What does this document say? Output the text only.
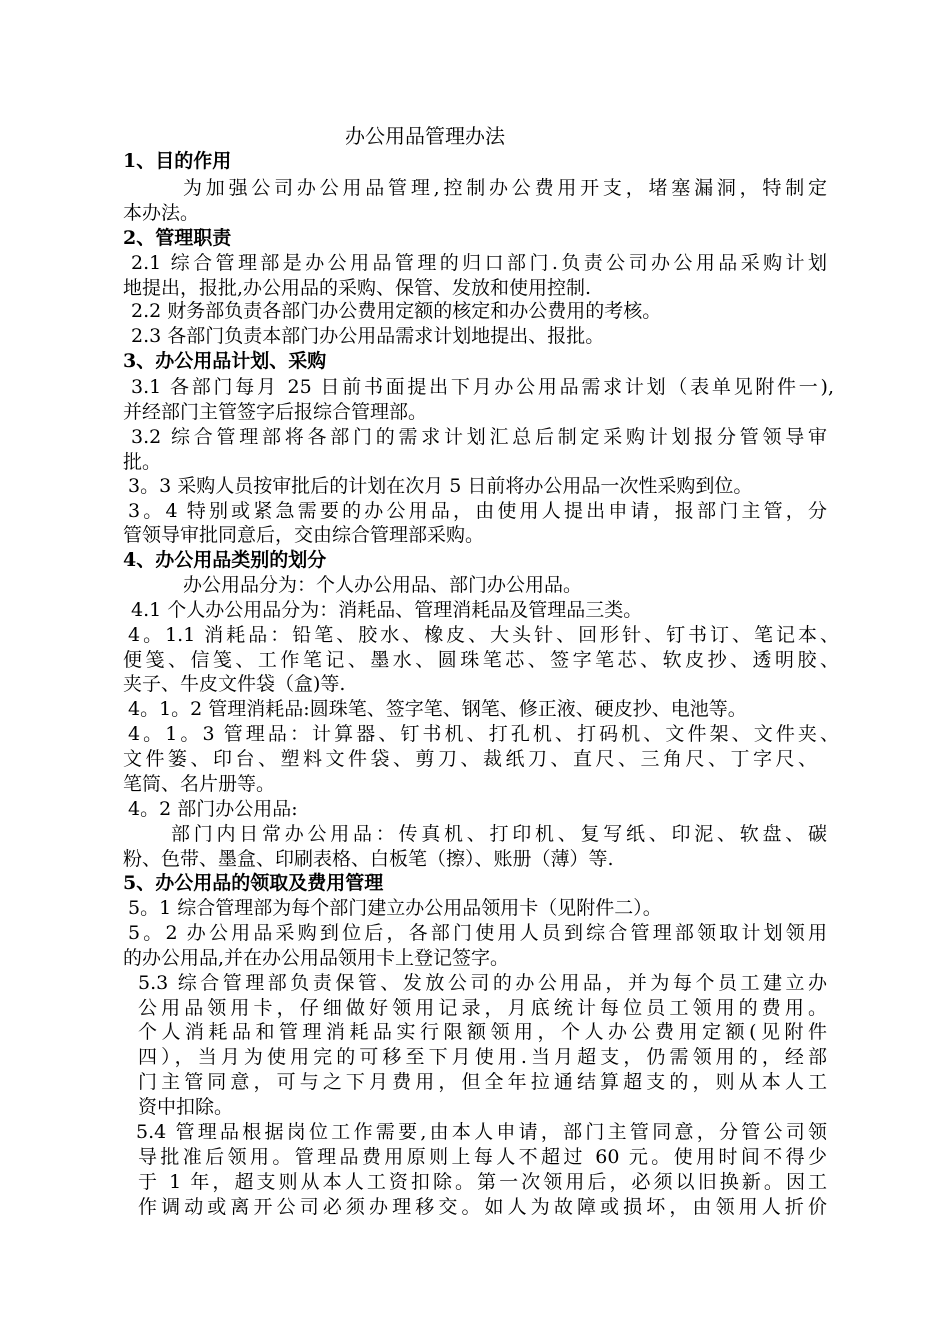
办公用品管理办法
1、目的作用
为加强公司办公用品管理,控制办公费用开支，堵塞漏洞，特制定
本办法。
2、管理职责
2.1 综合管理部是办公用品管理的归口部门.负责公司办公用品采购计划
地提出，报批,办公用品的采购、保管、发放和使用控制.
2.2 财务部负责各部门办公费用定额的核定和办公费用的考核。
2.3 各部门负责本部门办公用品需求计划地提出、报批。
3、办公用品计划、采购
3.1 各部门每月 25 日前书面提出下月办公用品需求计划（表单见附件一),
并经部门主管签字后报综合管理部。
3.2 综合管理部将各部门的需求计划汇总后制定采购计划报分管领导审
批。
3。3 采购人员按审批后的计划在次月 5 日前将办公用品一次性采购到位。
3。4 特别或紧急需要的办公用品，由使用人提出申请，报部门主管，分
管领导审批同意后，交由综合管理部采购。
4、办公用品类别的划分
办公用品分为：个人办公用品、部门办公用品。
4.1 个人办公用品分为：消耗品、管理消耗品及管理品三类。
4。1.1 消耗品：铅笔、胶水、橡皮、大头针、回形针、钉书订、笔记本、
便笺、信笺、工作笔记、墨水、圆珠笔芯、签字笔芯、软皮抄、透明胶、
夹子、牛皮文件袋（盒)等.
4。1。2 管理消耗品:圆珠笔、签字笔、钢笔、修正液、硬皮抄、电池等。
4。1。3 管理品：计算器、钉书机、打孔机、打码机、文件架、文件夹、
文件篓、印台、塑料文件袋、剪刀、裁纸刀、直尺、三角尺、丁字尺、
笔筒、名片册等。
4。2 部门办公用品:
部门内日常办公用品：传真机、打印机、复写纸、印泥、软盘、碳
粉、色带、墨盒、印刷表格、白板笔（擦）、账册（薄）等.
5、办公用品的领取及费用管理
5。1 综合管理部为每个部门建立办公用品领用卡（见附件二）。
5。2 办公用品采购到位后，各部门使用人员到综合管理部领取计划领用
的办公用品,并在办公用品领用卡上登记签字。
5.3 综合管理部负责保管、发放公司的办公用品，并为每个员工建立办
公用品领用卡，仔细做好领用记录，月底统计每位员工领用的费用。
个人消耗品和管理消耗品实行限额领用，个人办公费用定额(见附件
四），当月为使用完的可移至下月使用.当月超支，仍需领用的，经部
门主管同意，可与之下月费用，但全年拉通结算超支的，则从本人工
资中扣除。
5.4 管理品根据岗位工作需要,由本人申请，部门主管同意，分管公司领
导批准后领用。管理品费用原则上每人不超过 60 元。使用时间不得少
于 1 年，超支则从本人工资扣除。第一次领用后，必须以旧换新。因工
作调动或离开公司必须办理移交。如人为故障或损坏，由领用人折价
